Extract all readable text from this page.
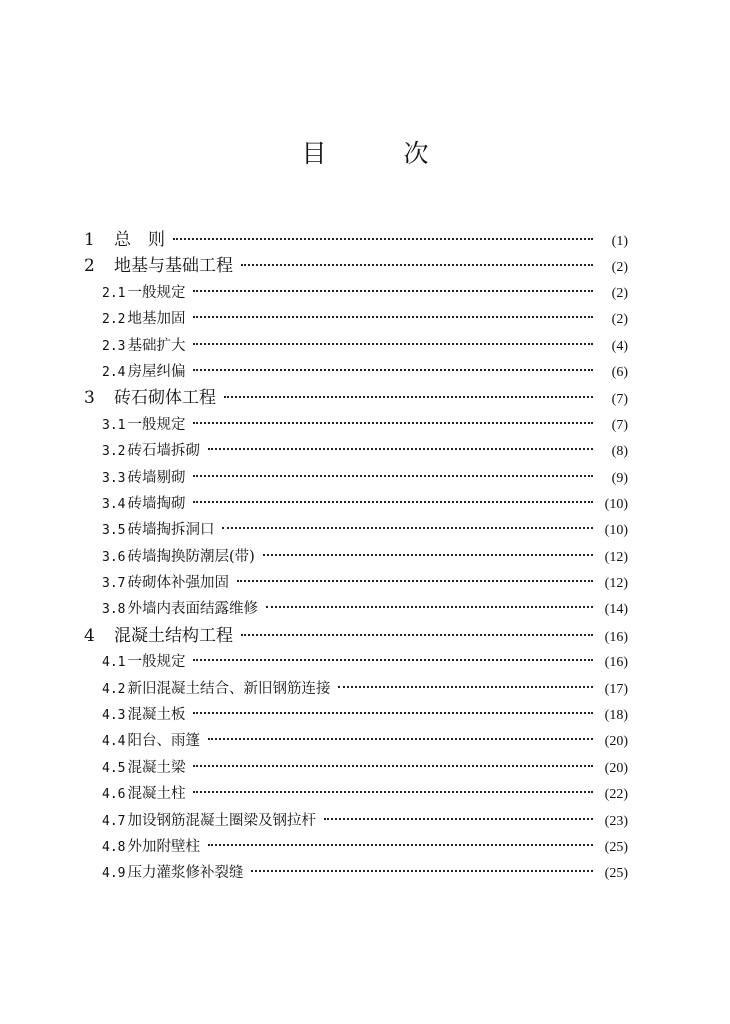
目　次
1	总　则	(1)
2	地基与基础工程	(2)
2.1 一般规定	(2)
2.2 地基加固	(2)
2.3 基础扩大	(4)
2.4 房屋纠偏	(6)
3	砖石砌体工程	(7)
3.1 一般规定	(7)
3.2 砖石墙拆砌	(8)
3.3 砖墙剔砌	(9)
3.4 砖墙掏砌	(10)
3.5 砖墙掏拆洞口	(10)
3.6 砖墙掏换防潮层(带)	(12)
3.7 砖砌体补强加固	(12)
3.8 外墙内表面结露维修	(14)
4	混凝土结构工程	(16)
4.1 一般规定	(16)
4.2 新旧混凝土结合、新旧钢筋连接	(17)
4.3 混凝土板	(18)
4.4 阳台、雨篷	(20)
4.5 混凝土梁	(20)
4.6 混凝土柱	(22)
4.7 加设钢筋混凝土圈梁及钢拉杆	(23)
4.8 外加附壁柱	(25)
4.9 压力灌浆修补裂缝	(25)
